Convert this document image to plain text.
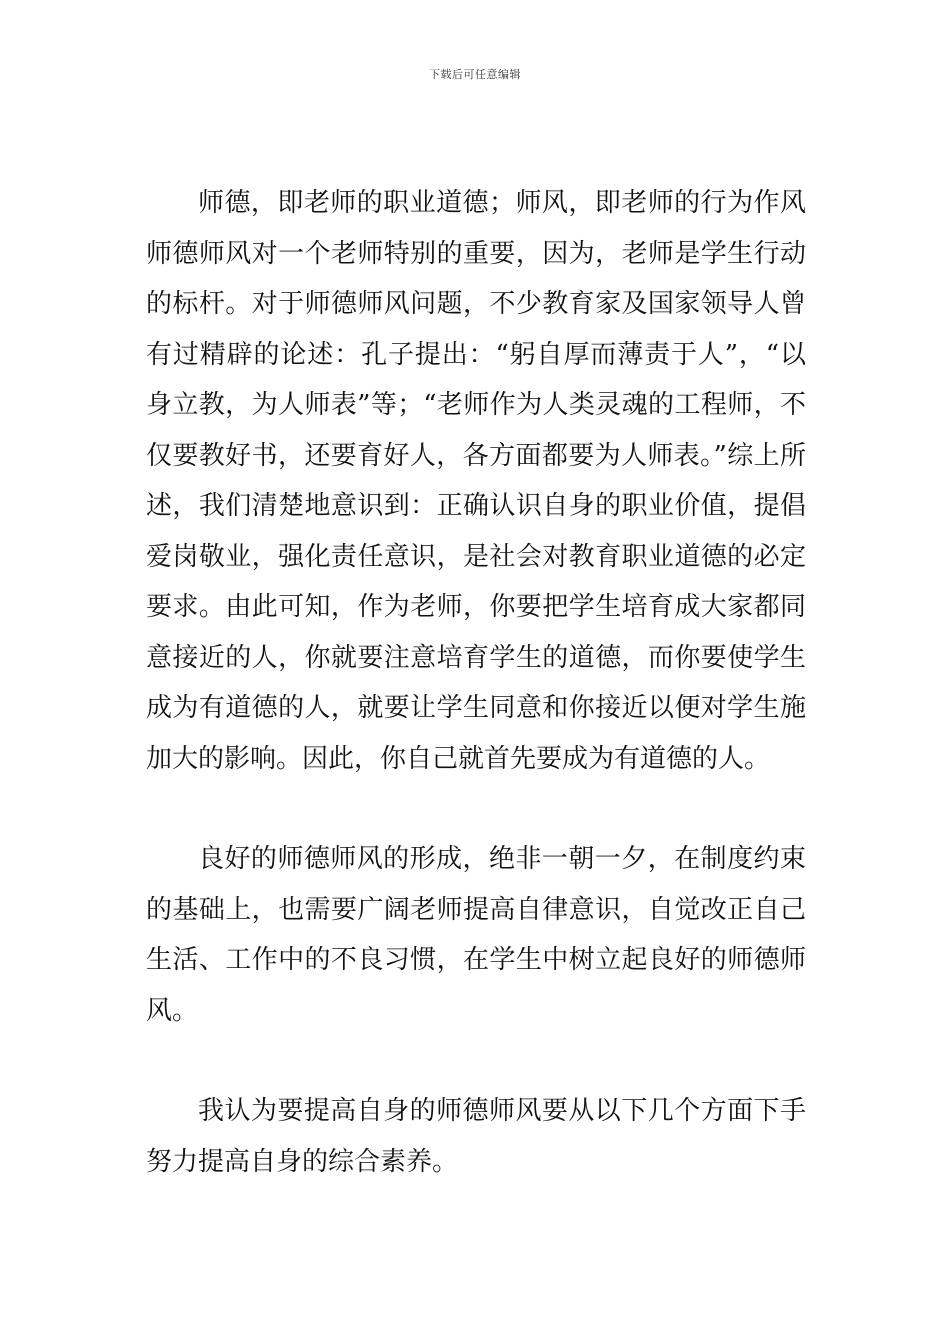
下载后可任意编辑

师德，即老师的职业道德；师风，即老师的行为作风师德师风对一个老师特别的重要，因为，老师是学生行动的标杆。对于师德师风问题，不少教育家及国家领导人曾有过精辟的论述：孔子提出：“躬自厚而薄责于人”，“以身立教，为人师表”等；“老师作为人类灵魂的工程师，不仅要教好书，还要育好人，各方面都要为人师表。”综上所述，我们清楚地意识到：正确认识自身的职业价值，提倡爱岗敬业，强化责任意识，是社会对教育职业道德的必定要求。由此可知，作为老师，你要把学生培育成大家都同意接近的人，你就要注意培育学生的道德，而你要使学生成为有道德的人，就要让学生同意和你接近以便对学生施加大的影响。因此，你自己就首先要成为有道德的人。

良好的师德师风的形成，绝非一朝一夕，在制度约束的基础上，也需要广阔老师提高自律意识，自觉改正自己生活、工作中的不良习惯，在学生中树立起良好的师德师风。

我认为要提高自身的师德师风要从以下几个方面下手努力提高自身的综合素养。
